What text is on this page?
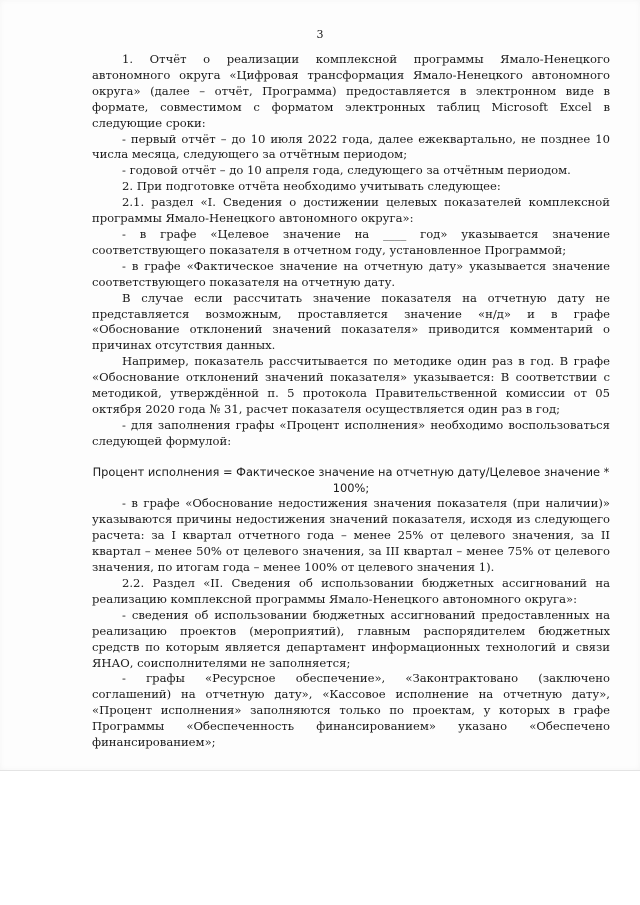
3

1. Отчёт о реализации комплексной программы Ямало-Ненецкого автономного округа «Цифровая трансформация Ямало-Ненецкого автономного округа» (далее – отчёт, Программа) предоставляется в электронном виде в формате, совместимом с форматом электронных таблиц Microsoft Excel в следующие сроки:

- первый отчёт – до 10 июля 2022 года, далее ежеквартально, не позднее 10 числа месяца, следующего за отчётным периодом;

- годовой отчёт – до 10 апреля года, следующего за отчётным периодом.

2. При подготовке отчёта необходимо учитывать следующее:

2.1. раздел «I. Сведения о достижении целевых показателей комплексной программы Ямало-Ненецкого автономного округа»:

- в графе «Целевое значение на ____ год» указывается значение соответствующего показателя в отчетном году, установленное Программой;

- в графе «Фактическое значение на отчетную дату» указывается значение соответствующего показателя на отчетную дату.

В случае если рассчитать значение показателя на отчетную дату не представляется возможным, проставляется значение «н/д» и в графе «Обоснование отклонений значений показателя» приводится комментарий о причинах отсутствия данных.

Например, показатель рассчитывается по методике один раз в год. В графе «Обоснование отклонений значений показателя» указывается: В соответствии с методикой, утверждённой п. 5 протокола Правительственной комиссии от 05 октября 2020 года № 31, расчет показателя осуществляется один раз в год;

- для заполнения графы «Процент исполнения» необходимо воспользоваться следующей формулой:

Процент исполнения = Фактическое значение на отчетную дату/Целевое значение * 100%;

- в графе «Обоснование недостижения значения показателя (при наличии)» указываются причины недостижения значений показателя, исходя из следующего расчета: за I квартал отчетного года – менее 25% от целевого значения, за II квартал – менее 50% от целевого значения, за III квартал – менее 75% от целевого значения, по итогам года – менее 100% от целевого значения 1).

2.2. Раздел «II. Сведения об использовании бюджетных ассигнований на реализацию комплексной программы Ямало-Ненецкого автономного округа»:

- сведения об использовании бюджетных ассигнований предоставленных на реализацию проектов (мероприятий), главным распорядителем бюджетных средств по которым является департамент информационных технологий и связи ЯНАО, соисполнителями не заполняется;

- графы «Ресурсное обеспечение», «Законтрактовано (заключено соглашений) на отчетную дату», «Кассовое исполнение на отчетную дату», «Процент исполнения» заполняются только по проектам, у которых в графе Программы «Обеспеченность финансированием» указано «Обеспечено финансированием»;
